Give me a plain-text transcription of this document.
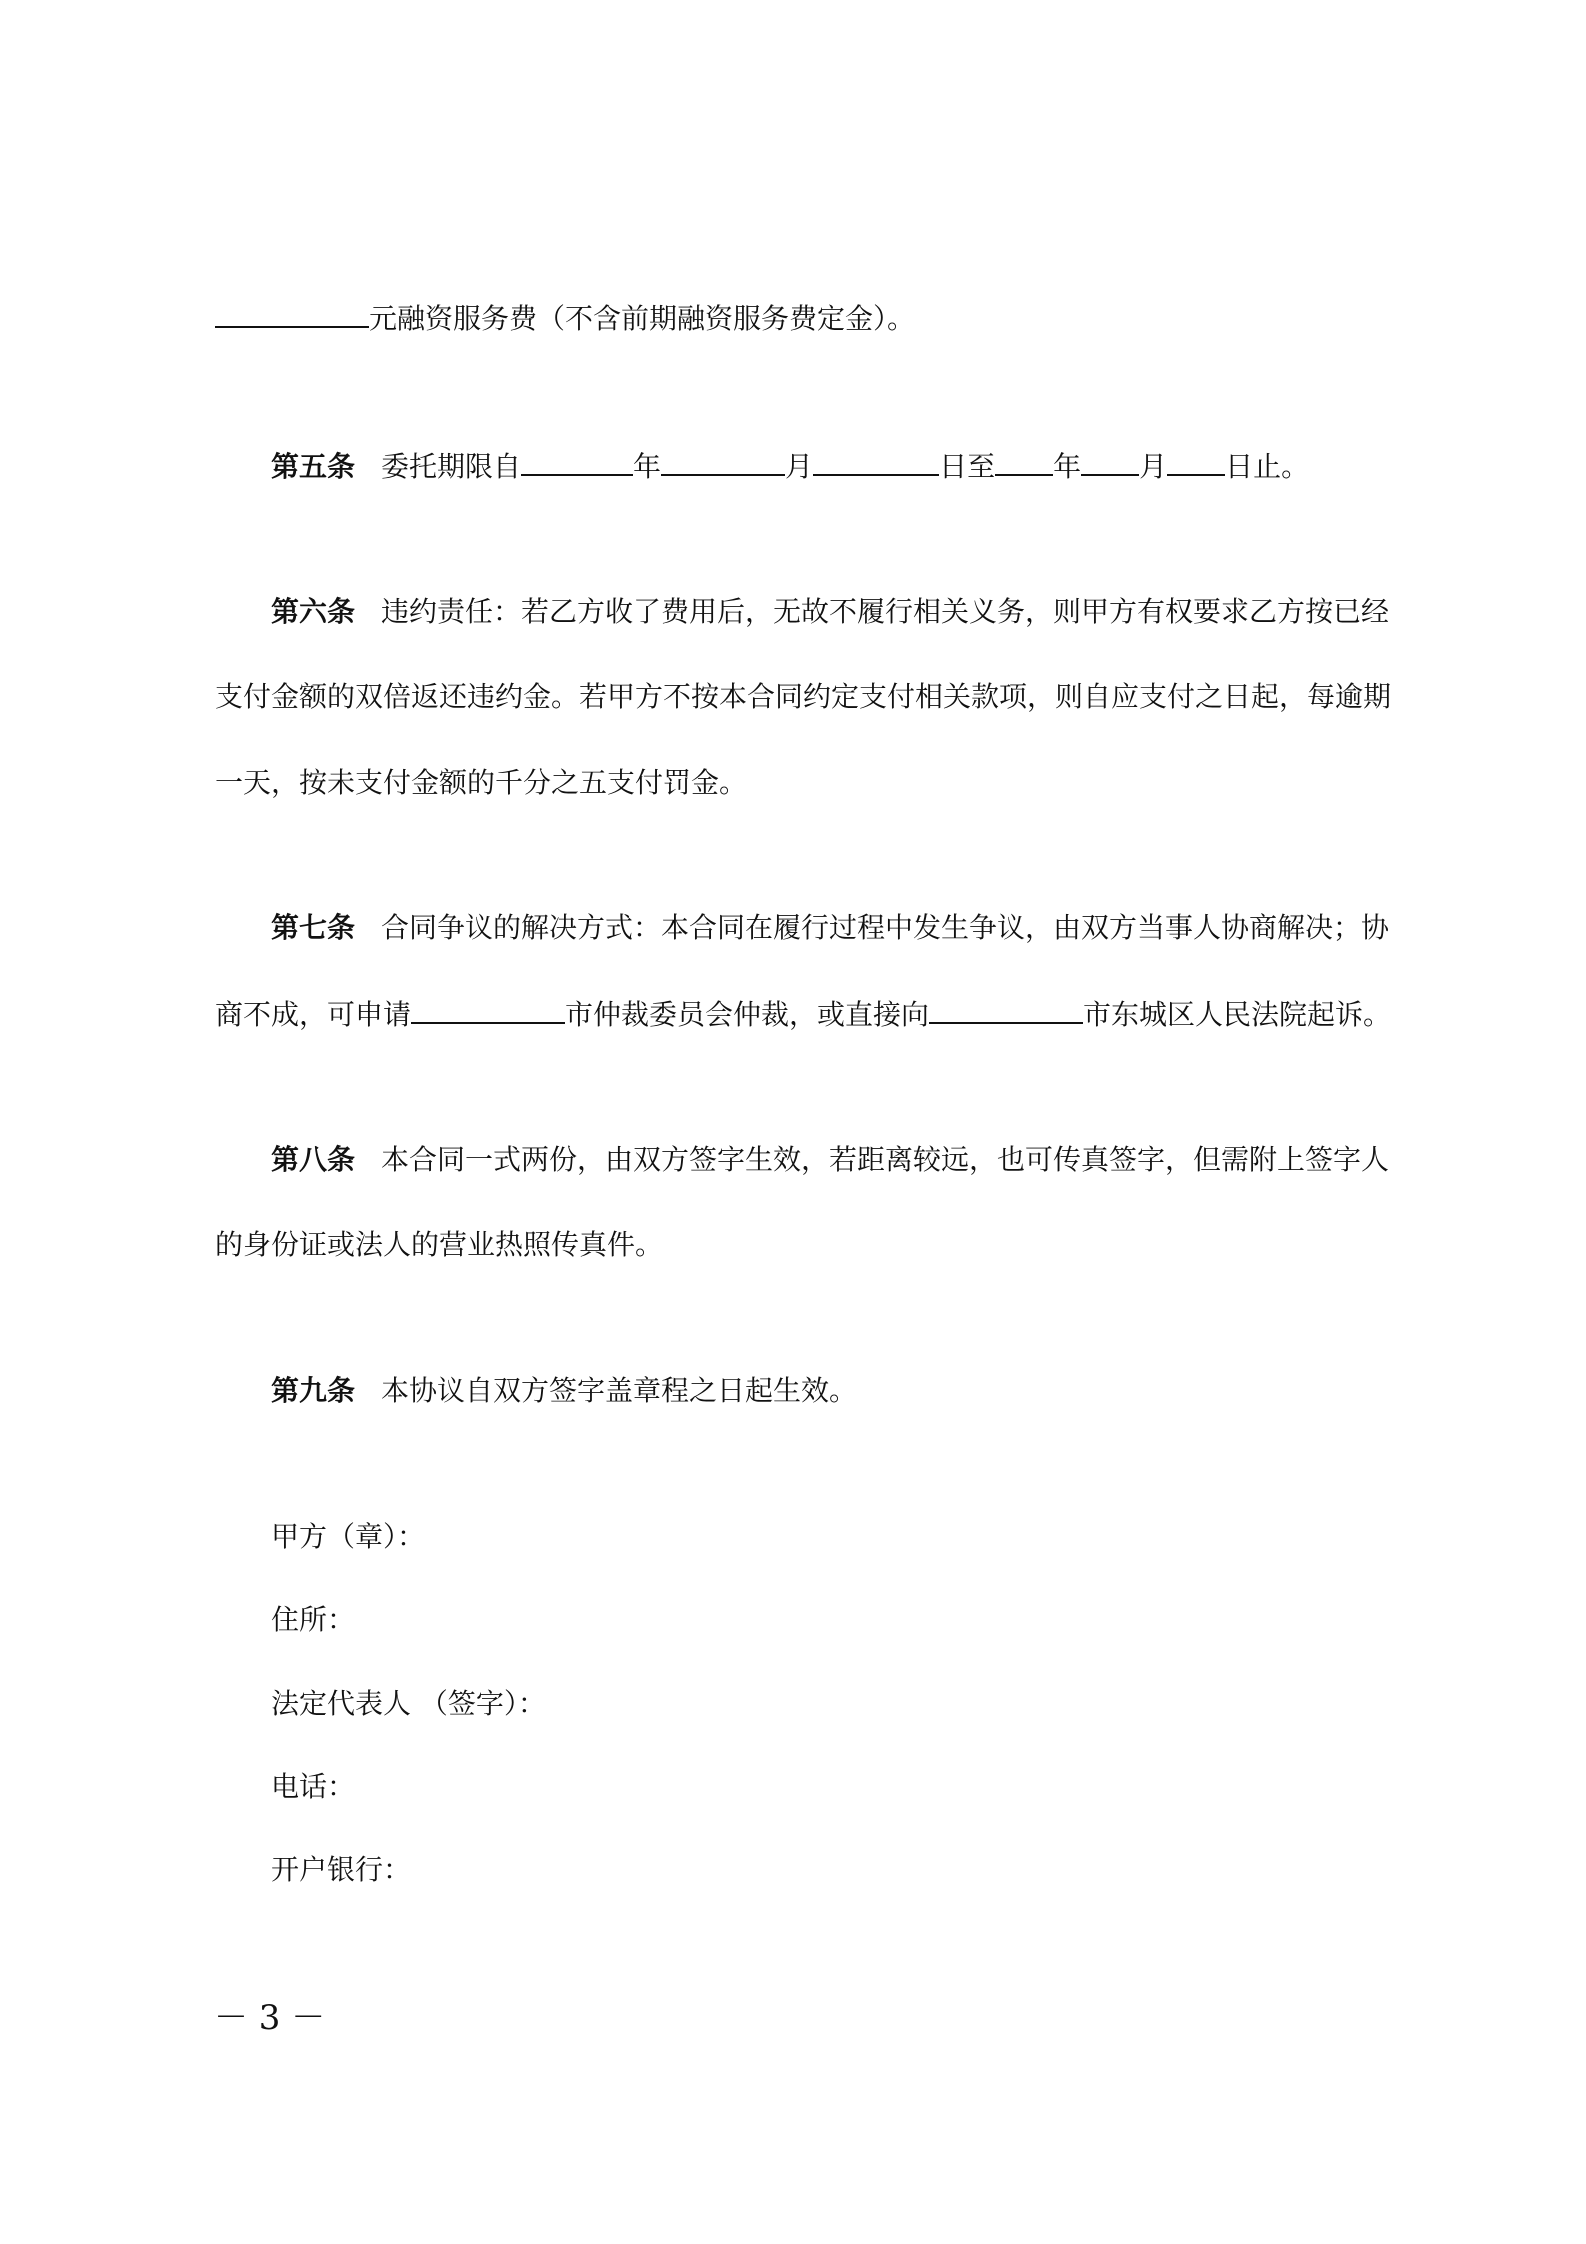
元融资服务费（不含前期融资服务费定金）。
第五条 委托期限自	年	月	日至 年 月 日止。
第六条 违约责任：若乙方收了费用后，无故不履行相关义务，则甲方有权要求乙方按已经
支付金额的双倍返还违约金。若甲方不按本合同约定支付相关款项，则自应支付之日起，每逾期
一天，按未支付金额的千分之五支付罚金。
第七条 合同争议的解决方式：本合同在履行过程中发生争议，由双方当事人协商解决；协
商不成，可申请	市仲裁委员会仲裁，或直接向	市东城区人民法院起诉。
第八条 本合同一式两份，由双方签字生效，若距离较远，也可传真签字，但需附上签字人
的身份证或法人的营业热照传真件。
第九条 本协议自双方签字盖章程之日起生效。
甲方（章）：
住所：
法定代表人 （签字）：
电话：
开户银行：
－ 3 －
